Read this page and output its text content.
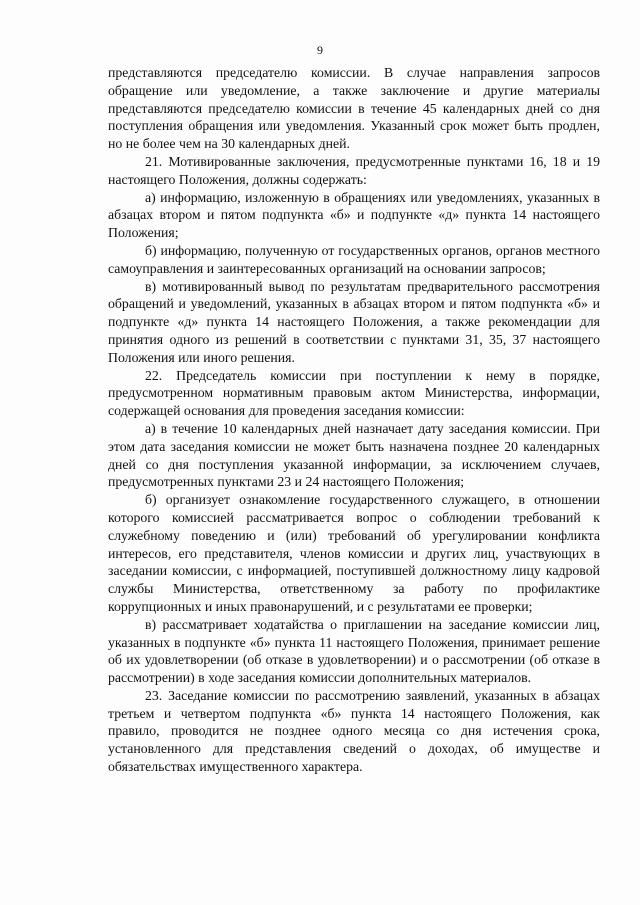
9

представляются председателю комиссии. В случае направления запросов обращение или уведомление, а также заключение и другие материалы представляются председателю комиссии в течение 45 календарных дней со дня поступления обращения или уведомления. Указанный срок может быть продлен, но не более чем на 30 календарных дней.

21. Мотивированные заключения, предусмотренные пунктами 16, 18 и 19 настоящего Положения, должны содержать:

а) информацию, изложенную в обращениях или уведомлениях, указанных в абзацах втором и пятом подпункта «б» и подпункте «д» пункта 14 настоящего Положения;

б) информацию, полученную от государственных органов, органов местного самоуправления и заинтересованных организаций на основании запросов;

в) мотивированный вывод по результатам предварительного рассмотрения обращений и уведомлений, указанных в абзацах втором и пятом подпункта «б» и подпункте «д» пункта 14 настоящего Положения, а также рекомендации для принятия одного из решений в соответствии с пунктами 31, 35, 37 настоящего Положения или иного решения.

22. Председатель комиссии при поступлении к нему в порядке, предусмотренном нормативным правовым актом Министерства, информации, содержащей основания для проведения заседания комиссии:

а) в течение 10 календарных дней назначает дату заседания комиссии. При этом дата заседания комиссии не может быть назначена позднее 20 календарных дней со дня поступления указанной информации, за исключением случаев, предусмотренных пунктами 23 и 24 настоящего Положения;

б) организует ознакомление государственного служащего, в отношении которого комиссией рассматривается вопрос о соблюдении требований к служебному поведению и (или) требований об урегулировании конфликта интересов, его представителя, членов комиссии и других лиц, участвующих в заседании комиссии, с информацией, поступившей должностному лицу кадровой службы Министерства, ответственному за работу по профилактике коррупционных и иных правонарушений, и с результатами ее проверки;

в) рассматривает ходатайства о приглашении на заседание комиссии лиц, указанных в подпункте «б» пункта 11 настоящего Положения, принимает решение об их удовлетворении (об отказе в удовлетворении) и о рассмотрении (об отказе в рассмотрении) в ходе заседания комиссии дополнительных материалов.

23. Заседание комиссии по рассмотрению заявлений, указанных в абзацах третьем и четвертом подпункта «б» пункта 14 настоящего Положения, как правило, проводится не позднее одного месяца со дня истечения срока, установленного для представления сведений о доходах, об имуществе и обязательствах имущественного характера.
